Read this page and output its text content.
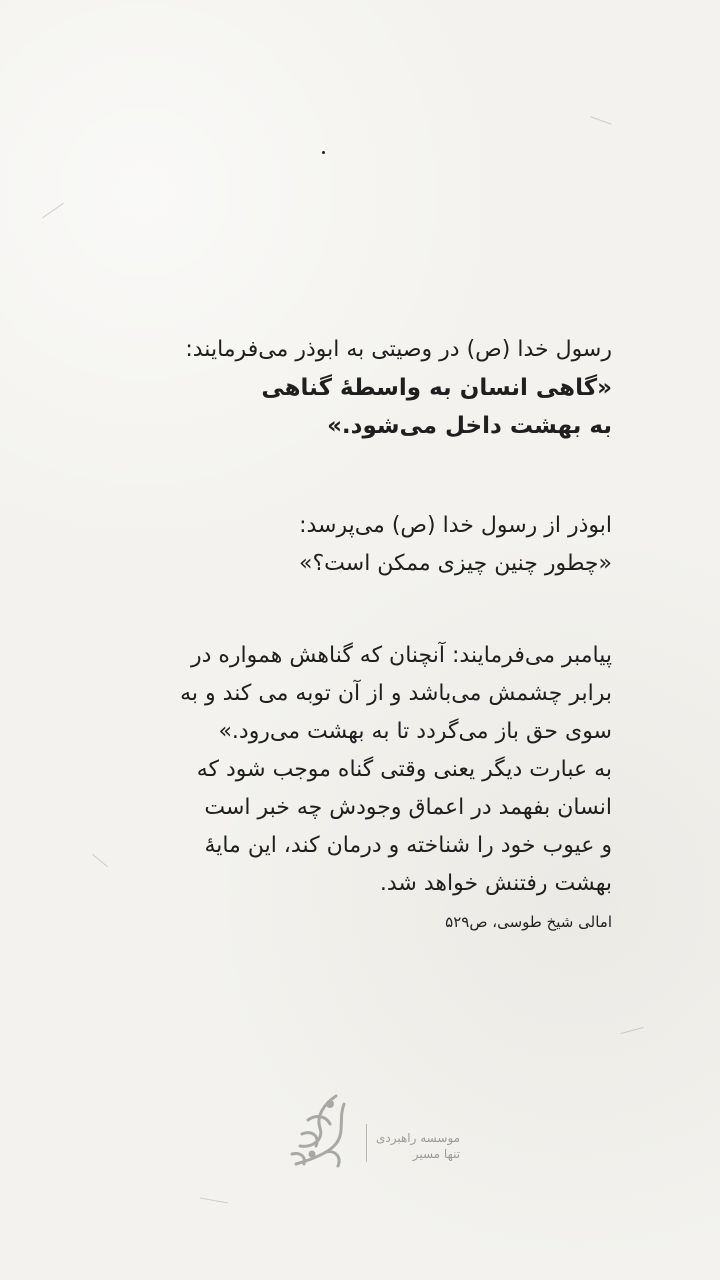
رسول خدا (ص) در وصیتی به ابوذر می‌فرمایند:
«گاهی انسان به واسطۀ گناهی
به بهشت داخل می‌شود.»
ابوذر از رسول خدا (ص) می‌پرسد:
«چطور چنین چیزی ممکن است؟»
پیامبر می‌فرمایند: آنچنان که گناهش همواره در
برابر چشمش می‌باشد و از آن توبه می کند و به
سوی حق باز می‌گردد تا به بهشت می‌رود.»
به عبارت دیگر یعنی وقتی گناه موجب شود که
انسان بفهمد در اعماق وجودش چه خبر است
و عیوب خود را شناخته و درمان کند، این مایۀ
بهشت رفتنش خواهد شد.
امالی شیخ طوسی، ص۵۲۹
موسسه راهبردی
تنها مسیر
